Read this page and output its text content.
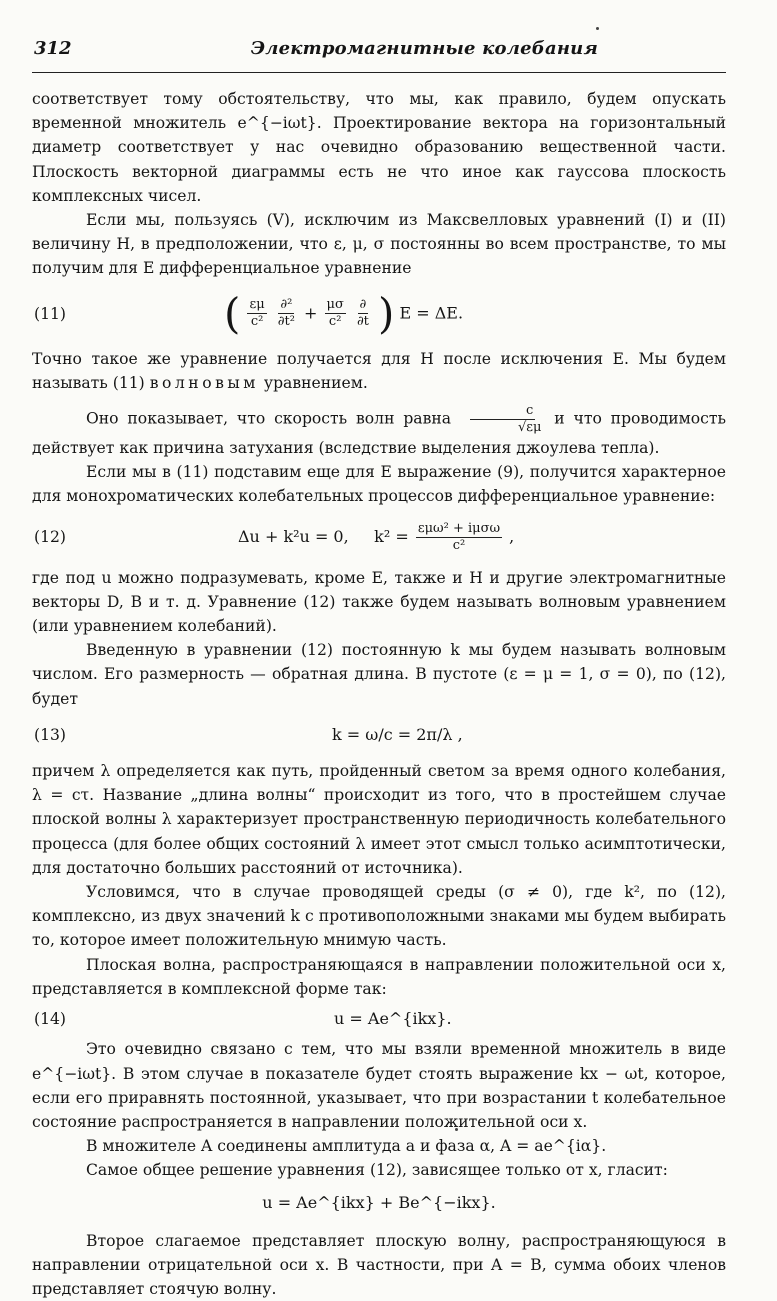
312	Электромагнитные колебания

соответствует тому обстоятельству, что мы, как правило, будем опускать временной множитель e^{−iωt}. Проектирование вектора на горизонтальный диаметр соответствует у нас очевидно образованию вещественной части. Плоскость векторной диаграммы есть не что иное как гауссова плоскость комплексных чисел.

Если мы, пользуясь (V), исключим из Максвелловых уравнений (I) и (II) величину H, в предположении, что ε, μ, σ постоянны во всем пространстве, то мы получим для E дифференциальное уравнение

(11)	( $\frac{\varepsilon\mu}{\text{c²}}$
$\frac{\text{∂²}}{\text{∂t²}} + \frac{\mu\sigma}{\text{c²}}$
$\frac{\partial}{\partial t}$ ) E = ΔE.

Точно такое же уравнение получается для H после исключения E. Мы будем называть (11) волновым уравнением.

Оно показывает, что скорость волн равна $\frac{c}{√\varepsilon\mu}$ и что проводимость действует как причина затухания (вследствие выделения джоулева тепла).

Если мы в (11) подставим еще для E выражение (9), получится характерное для монохроматических колебательных процессов дифференциальное уравнение:

(12)	Δu + k²u = 0, $k^2 = \frac{\text{εμω² + iμσω}}{\text{c²}}$ ,

где под u можно подразумевать, кроме E, также и H и другие электромагнитные векторы D, B и т. д. Уравнение (12) также будем называть волновым уравнением (или уравнением колебаний).

Введенную в уравнении (12) постоянную k мы будем называть волновым числом. Его размерность — обратная длина. В пустоте (ε = μ = 1, σ = 0), по (12), будет

(13)	k = ω/c = 2π/λ ,

причем λ определяется как путь, пройденный светом за время одного колебания, λ = cτ. Название „длина волны“ происходит из того, что в простейшем случае плоской волны λ характеризует пространственную периодичность колебательного процесса (для более общих состояний λ имеет этот смысл только асимптотически, для достаточно больших расстояний от источника).

Условимся, что в случае проводящей среды (σ ≠ 0), где k², по (12), комплексно, из двух значений k с противоположными знаками мы будем выбирать то, которое имеет положительную мнимую часть.

Плоская волна, распространяющаяся в направлении положительной оси x, представляется в комплексной форме так:

(14)	u = Ae^{ikx}.

Это очевидно связано с тем, что мы взяли временной множитель в виде e^{−iωt}. В этом случае в показателе будет стоять выражение kx − ωt, которое, если его приравнять постоянной, указывает, что при возрастании t колебательное состояние распространяется в направлении положительной оси x.

В множителе A соединены амплитуда a и фаза α, A = ae^{iα}.

Самое общее решение уравнения (12), зависящее только от x, гласит:

u = Ae^{ikx} + Be^{−ikx}.

Второе слагаемое представляет плоскую волну, распространяющуюся в направлении отрицательной оси x. В частности, при A = B, сумма обоих членов представляет стоячую волну.
